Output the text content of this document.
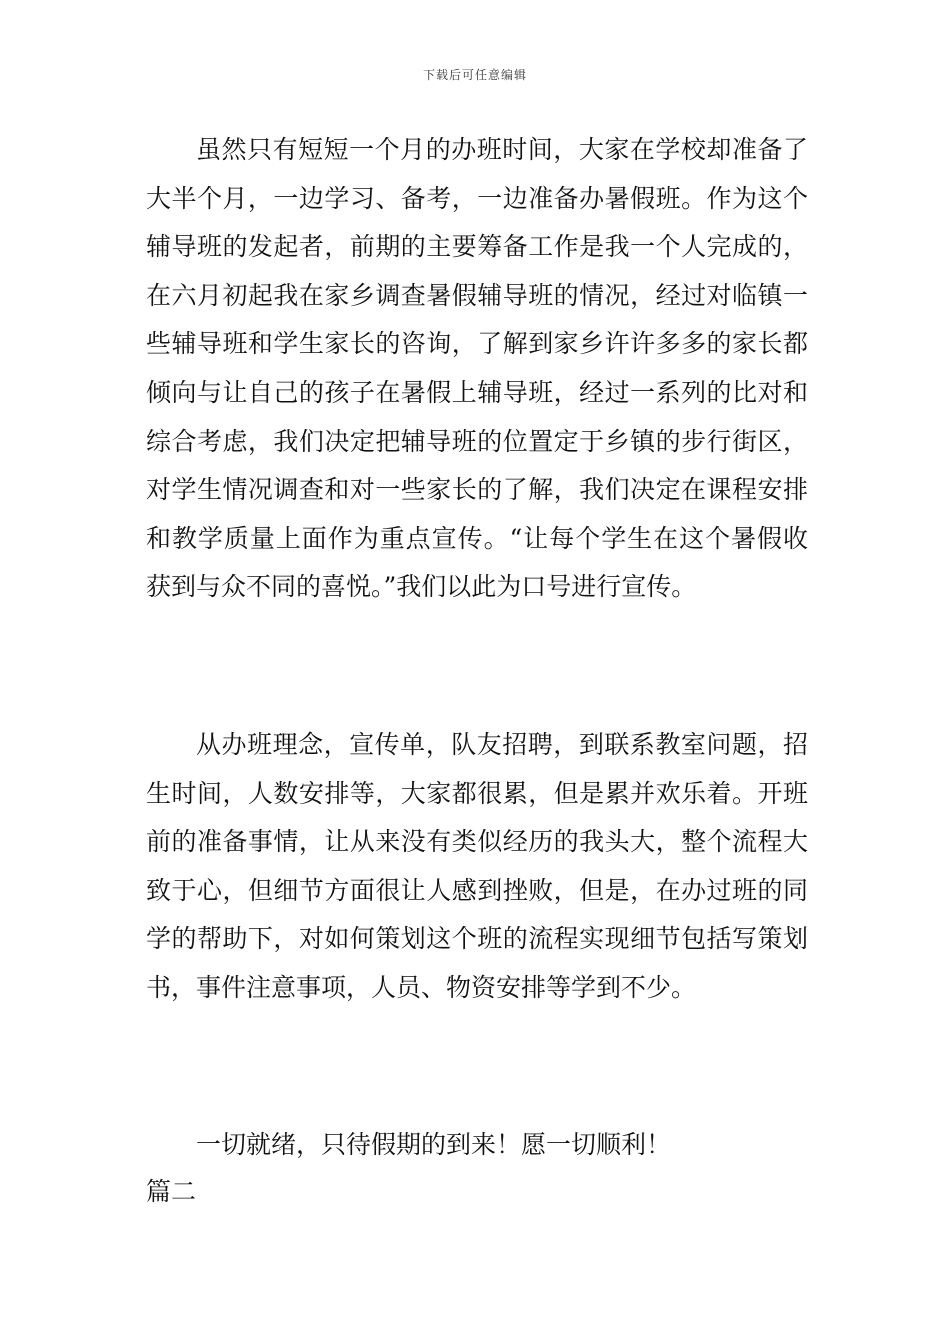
下载后可任意编辑

虽然只有短短一个月的办班时间，大家在学校却准备了大半个月，一边学习、备考，一边准备办暑假班。作为这个辅导班的发起者，前期的主要筹备工作是我一个人完成的，在六月初起我在家乡调查暑假辅导班的情况，经过对临镇一些辅导班和学生家长的咨询，了解到家乡许许多多的家长都倾向与让自己的孩子在暑假上辅导班，经过一系列的比对和综合考虑，我们决定把辅导班的位置定于乡镇的步行街区，对学生情况调查和对一些家长的了解，我们决定在课程安排和教学质量上面作为重点宣传。“让每个学生在这个暑假收获到与众不同的喜悦。”我们以此为口号进行宣传。

从办班理念，宣传单，队友招聘，到联系教室问题，招生时间，人数安排等，大家都很累，但是累并欢乐着。开班前的准备事情，让从来没有类似经历的我头大，整个流程大致于心，但细节方面很让人感到挫败，但是，在办过班的同学的帮助下，对如何策划这个班的流程实现细节包括写策划书，事件注意事项，人员、物资安排等学到不少。

一切就绪，只待假期的到来！愿一切顺利！

篇二
